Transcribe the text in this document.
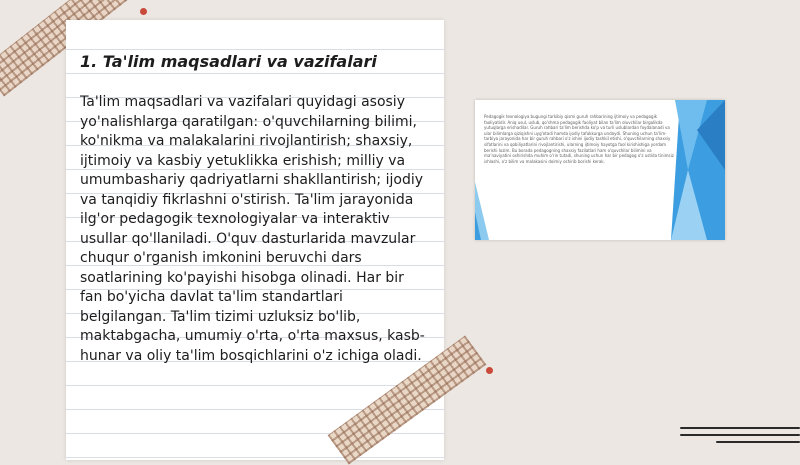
1. Ta'lim maqsadlari va vazifalari

Ta'lim maqsadlari va vazifalari quyidagi asosiy yo'nalishlarga qaratilgan: o'quvchilarning bilimi, ko'nikma va malakalarini rivojlantirish; shaxsiy, ijtimoiy va kasbiy yetuklikka erishish; milliy va umumbashariy qadriyatlarni shakllantirish; ijodiy va tanqidiy fikrlashni o'stirish. Ta'lim jarayonida ilg'or pedagogik texnologiyalar va interaktiv usullar qo'llaniladi. O'quv dasturlarida mavzular chuqur o'rganish imkonini beruvchi dars soatlarining ko'payishi hisobga olinadi. Har bir fan bo'yicha davlat ta'lim standartlari belgilangan. Ta'lim tizimi uzluksiz bo'lib, maktabgacha, umumiy o'rta, o'rta maxsus, kasb-hunar va oliy ta'lim bosqichlarini o'z ichiga oladi.

Pedagogik texnologiya bugungi tarkibiy qismi guruh rahbarining ijtimoiy va pedagogik faoliyatidir. Aniq usul, uslub, qo'shma pedagogik faoliyat bilan ta'lim oluvchilar birgalikda yutuqlarga erishadilar. Guruh rahbari ta'lim berishda ko'p va turli uslublardan foydalanadi va ular bilimlarga qiziqishni uyg'otadi hamda ijodiy tafakkurga undaydi. Shuning uchun ta'lim-tarbiya jarayonida har bir guruh rahbari o'z ishini ijodiy tashkil etishi, o'quvchilarning shaxsiy sifatlarini va qobiliyatlarini rivojlantirishi, ularning ijtimoiy hayotga faol kirishishiga yordam berishi lozim. Bu borada pedagogning shaxsiy fazilatlari ham o'quvchilar bilimini va ma'naviyatini oshirishda muhim o'rin tutadi, shuning uchun har bir pedagog o'z ustida tinimsiz ishlashi, o'z bilim va malakasini doimiy oshirib borishi kerak.
